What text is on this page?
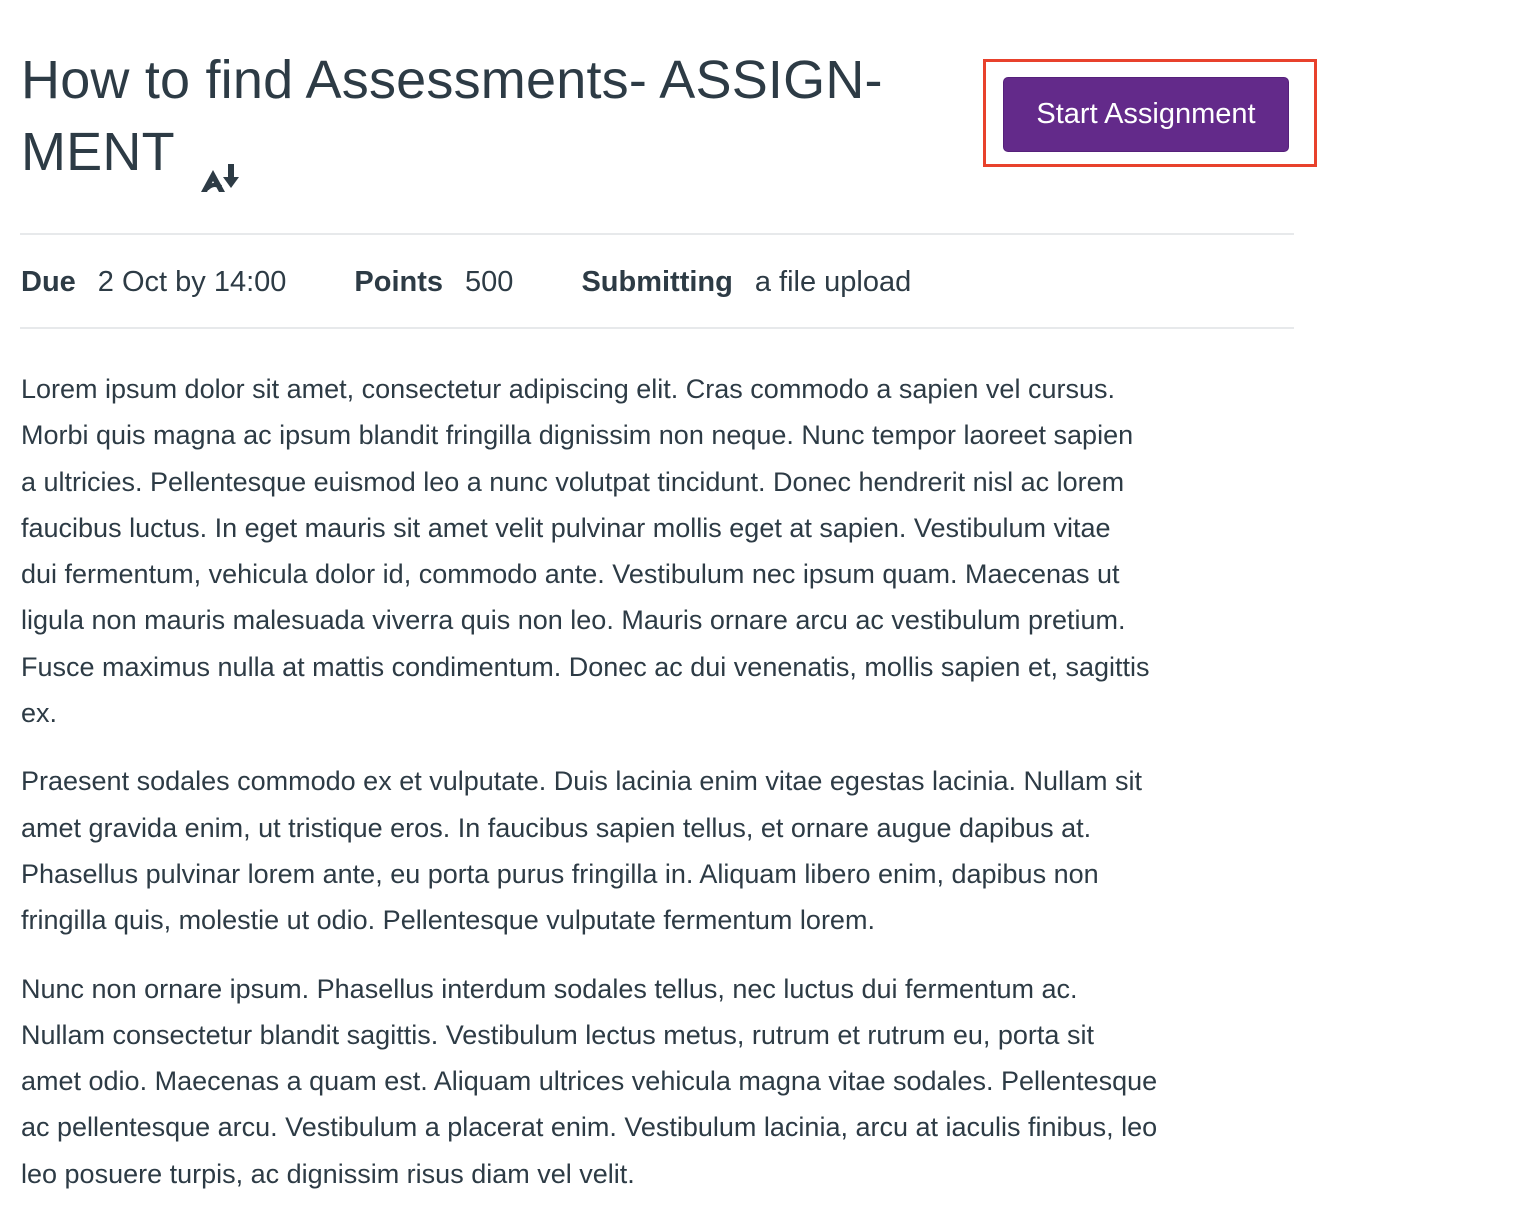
How to find Assessments- ASSIGN-
MENT
Start Assignment
Due 2 Oct by 14:00 Points 500 Submitting a file upload

Lorem ipsum dolor sit amet, consectetur adipiscing elit. Cras commodo a sapien vel cursus.
Morbi quis magna ac ipsum blandit fringilla dignissim non neque. Nunc tempor laoreet sapien
a ultricies. Pellentesque euismod leo a nunc volutpat tincidunt. Donec hendrerit nisl ac lorem
faucibus luctus. In eget mauris sit amet velit pulvinar mollis eget at sapien. Vestibulum vitae
dui fermentum, vehicula dolor id, commodo ante. Vestibulum nec ipsum quam. Maecenas ut
ligula non mauris malesuada viverra quis non leo. Mauris ornare arcu ac vestibulum pretium.
Fusce maximus nulla at mattis condimentum. Donec ac dui venenatis, mollis sapien et, sagittis
ex.

Praesent sodales commodo ex et vulputate. Duis lacinia enim vitae egestas lacinia. Nullam sit
amet gravida enim, ut tristique eros. In faucibus sapien tellus, et ornare augue dapibus at.
Phasellus pulvinar lorem ante, eu porta purus fringilla in. Aliquam libero enim, dapibus non
fringilla quis, molestie ut odio. Pellentesque vulputate fermentum lorem.

Nunc non ornare ipsum. Phasellus interdum sodales tellus, nec luctus dui fermentum ac.
Nullam consectetur blandit sagittis. Vestibulum lectus metus, rutrum et rutrum eu, porta sit
amet odio. Maecenas a quam est. Aliquam ultrices vehicula magna vitae sodales. Pellentesque
ac pellentesque arcu. Vestibulum a placerat enim. Vestibulum lacinia, arcu at iaculis finibus, leo
leo posuere turpis, ac dignissim risus diam vel velit.
